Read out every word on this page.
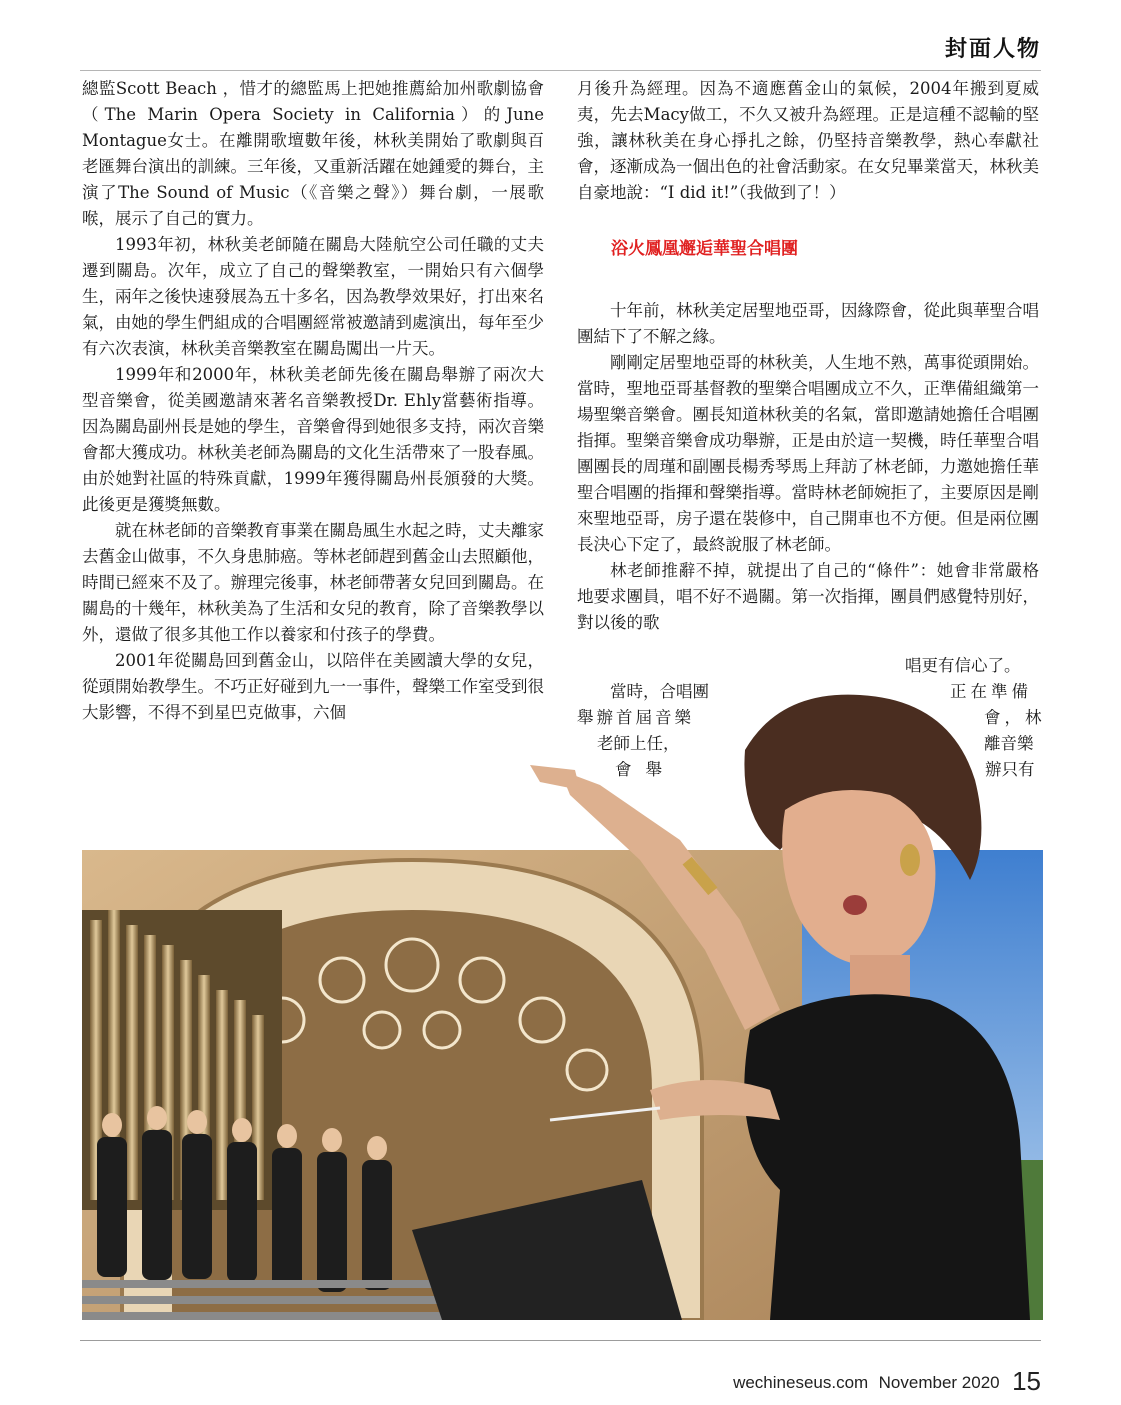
封面人物

總監Scott Beach ，惜才的總監馬上把她推薦給加州歌劇協會（The Marin Opera Society in California）的June Montague女士。在離開歌壇數年後，林秋美開始了歌劇與百老匯舞台演出的訓練。三年後，又重新活躍在她鍾愛的舞台，主演了The Sound of Music（《音樂之聲》）舞台劇，一展歌喉，展示了自己的實力。

1993年初，林秋美老師隨在關島大陸航空公司任職的丈夫遷到關島。次年，成立了自己的聲樂教室，一開始只有六個學生，兩年之後快速發展為五十多名，因為教學效果好，打出來名氣，由她的學生們組成的合唱團經常被邀請到處演出，每年至少有六次表演，林秋美音樂教室在關島闖出一片天。

1999年和2000年，林秋美老師先後在關島舉辦了兩次大型音樂會，從美國邀請來著名音樂教授Dr. Ehly當藝術指導。因為關島副州長是她的學生，音樂會得到她很多支持，兩次音樂會都大獲成功。林秋美老師為關島的文化生活帶來了一股春風。由於她對社區的特殊貢獻，1999年獲得關島州長頒發的大獎。此後更是獲獎無數。

就在林老師的音樂教育事業在關島風生水起之時，丈夫離家去舊金山做事，不久身患肺癌。等林老師趕到舊金山去照顧他，時間已經來不及了。辦理完後事，林老師帶著女兒回到關島。在關島的十幾年，林秋美為了生活和女兒的教育，除了音樂教學以外，還做了很多其他工作以養家和付孩子的學費。

2001年從關島回到舊金山，以陪伴在美國讀大學的女兒，從頭開始教學生。不巧正好碰到九一一事件，聲樂工作室受到很大影響，不得不到星巴克做事，六個

月後升為經理。因為不適應舊金山的氣候，2004年搬到夏威夷，先去Macy做工，不久又被升為經理。正是這種不認輸的堅強，讓林秋美在身心掙扎之餘，仍堅持音樂教學，熱心奉獻社會，逐漸成為一個出色的社會活動家。在女兒畢業當天，林秋美自豪地說：“I did it!”（我做到了！）

浴火鳳凰邂逅華聖合唱團

十年前，林秋美定居聖地亞哥，因緣際會，從此與華聖合唱團結下了不解之緣。

剛剛定居聖地亞哥的林秋美，人生地不熟，萬事從頭開始。當時，聖地亞哥基督教的聖樂合唱團成立不久，正準備組織第一場聖樂音樂會。團長知道林秋美的名氣，當即邀請她擔任合唱團指揮。聖樂音樂會成功舉辦，正是由於這一契機，時任華聖合唱團團長的周瑾和副團長楊秀琴馬上拜訪了林老師，力邀她擔任華聖合唱團的指揮和聲樂指導。當時林老師婉拒了，主要原因是剛來聖地亞哥，房子還在裝修中，自己開車也不方便。但是兩位團長決心下定了，最終說服了林老師。

林老師推辭不掉，就提出了自己的“條件”：她會非常嚴格地要求團員，唱不好不過關。第一次指揮，團員們感覺特別好，對以後的歌

唱更有信心了。
當時，合唱團	正在準備
舉辦首屆音樂	會，林
老師上任，	離音樂
會舉	辦只有
wechineseus.com November 2020 15
